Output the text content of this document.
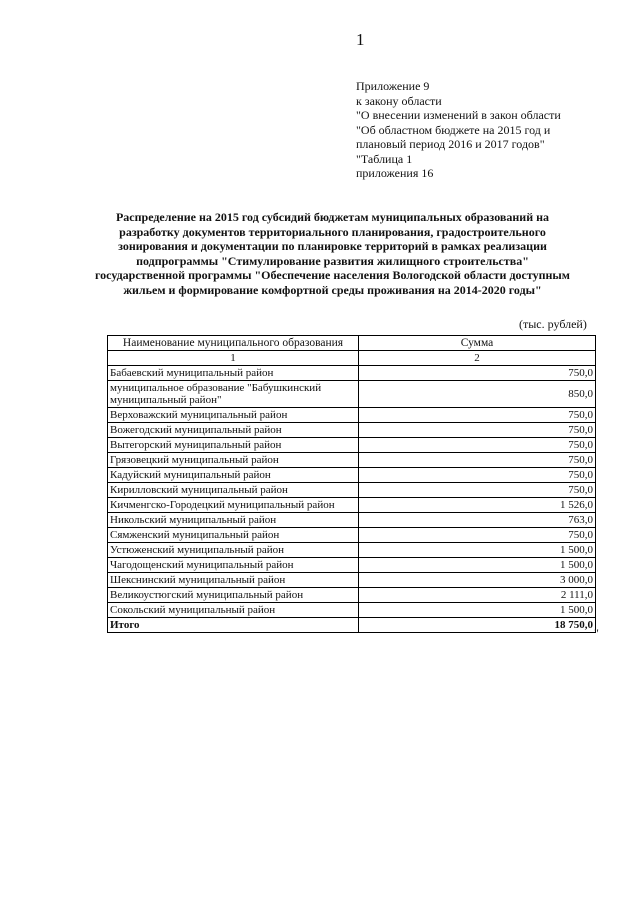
1
Приложение 9
к закону области
"О внесении изменений в закон области
"Об областном бюджете на 2015 год и
плановый период 2016 и 2017 годов"
"Таблица 1
приложения 16
Распределение на 2015 год субсидий бюджетам муниципальных образований на
разработку документов территориального планирования, градостроительного
зонирования и документации по планировке территорий в рамках реализации
подпрограммы "Стимулирование развития жилищного строительства"
государственной программы "Обеспечение населения Вологодской области доступным
жильем и формирование комфортной среды проживания на 2014-2020 годы"
(тыс. рублей)
Наименование муниципального образования	Сумма
1	2
Бабаевский муниципальный район	750,0
муниципальное образование "Бабушкинский муниципальный район"	850,0
Верховажский муниципальный район	750,0
Вожегодский муниципальный район	750,0
Вытегорский муниципальный район	750,0
Грязовецкий муниципальный район	750,0
Кадуйский муниципальный район	750,0
Кирилловский муниципальный район	750,0
Кичменгско-Городецкий муниципальный район	1 526,0
Никольский муниципальный район	763,0
Сямженский муниципальный район	750,0
Устюженский муниципальный район	1 500,0
Чагодощенский муниципальный район	1 500,0
Шекснинский муниципальный район	3 000,0
Великоустюгский муниципальный район	2 111,0
Сокольский муниципальный район	1 500,0
Итого	18 750,0
"
